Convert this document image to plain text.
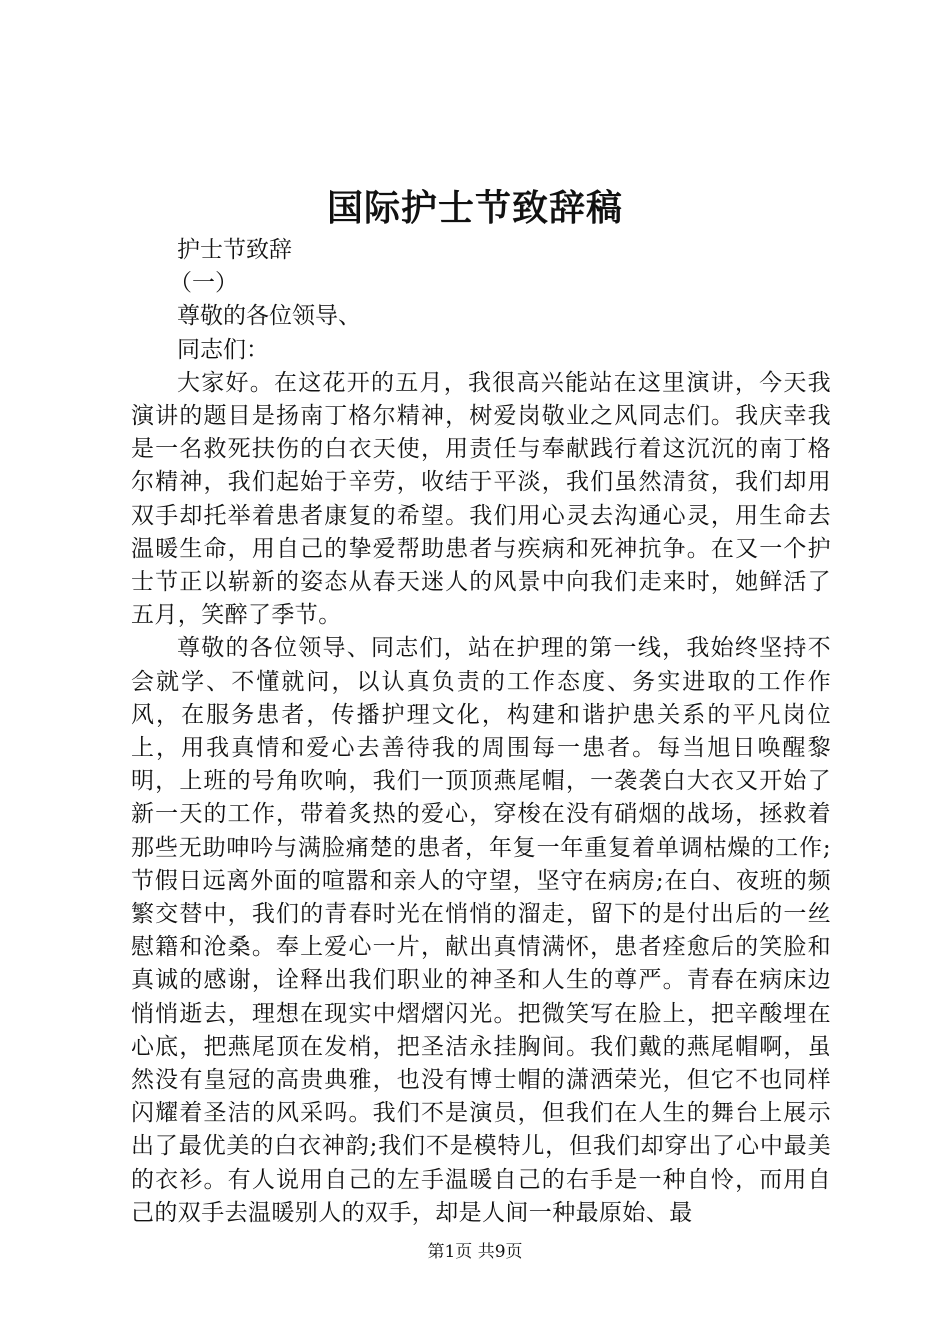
国际护士节致辞稿

护士节致辞

（一）

尊敬的各位领导、

同志们：

大家好。在这花开的五月，我很高兴能站在这里演讲，今天我演讲的题目是扬南丁格尔精神，树爱岗敬业之风同志们。我庆幸我是一名救死扶伤的白衣天使，用责任与奉献践行着这沉沉的南丁格尔精神，我们起始于辛劳，收结于平淡，我们虽然清贫，我们却用双手却托举着患者康复的希望。我们用心灵去沟通心灵，用生命去温暖生命，用自己的挚爱帮助患者与疾病和死神抗争。在又一个护士节正以崭新的姿态从春天迷人的风景中向我们走来时，她鲜活了五月，笑醉了季节。

尊敬的各位领导、同志们，站在护理的第一线，我始终坚持不会就学、不懂就问，以认真负责的工作态度、务实进取的工作作风，在服务患者，传播护理文化，构建和谐护患关系的平凡岗位上，用我真情和爱心去善待我的周围每一患者。每当旭日唤醒黎明，上班的号角吹响，我们一顶顶燕尾帽，一袭袭白大衣又开始了新一天的工作，带着炙热的爱心，穿梭在没有硝烟的战场，拯救着那些无助呻吟与满脸痛楚的患者，年复一年重复着单调枯燥的工作;节假日远离外面的喧嚣和亲人的守望，坚守在病房;在白、夜班的频繁交替中，我们的青春时光在悄悄的溜走，留下的是付出后的一丝慰籍和沧桑。奉上爱心一片，献出真情满怀，患者痊愈后的笑脸和真诚的感谢，诠释出我们职业的神圣和人生的尊严。青春在病床边悄悄逝去，理想在现实中熠熠闪光。把微笑写在脸上，把辛酸埋在心底，把燕尾顶在发梢，把圣洁永挂胸间。我们戴的燕尾帽啊，虽然没有皇冠的高贵典雅，也没有博士帽的潇洒荣光，但它不也同样闪耀着圣洁的风采吗。我们不是演员，但我们在人生的舞台上展示出了最优美的白衣神韵;我们不是模特儿，但我们却穿出了心中最美的衣衫。有人说用自己的左手温暖自己的右手是一种自怜，而用自己的双手去温暖别人的双手，却是人间一种最原始、最

第1页 共9页
